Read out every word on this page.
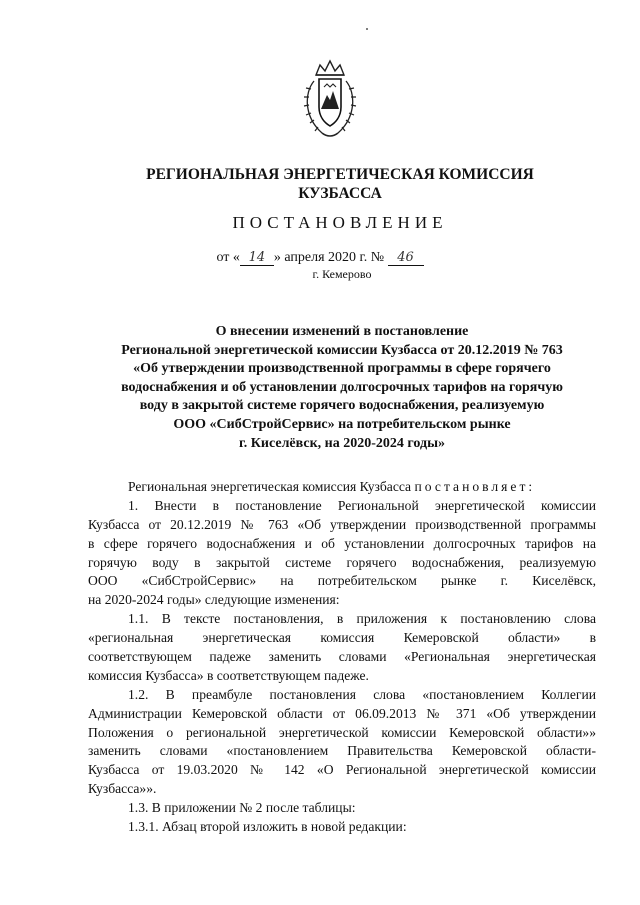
РЕГИОНАЛЬНАЯ ЭНЕРГЕТИЧЕСКАЯ КОМИССИЯ
КУЗБАССА
ПОСТАНОВЛЕНИЕ
от « 14 » апреля 2020 г. № 46
г. Кемерово
О внесении изменений в постановление
Региональной энергетической комиссии Кузбасса от 20.12.2019 № 763
«Об утверждении производственной программы в сфере горячего
водоснабжения и об установлении долгосрочных тарифов на горячую
воду в закрытой системе горячего водоснабжения, реализуемую
ООО «СибСтройСервис» на потребительском рынке
г. Киселёвск, на 2020-2024 годы»
Региональная энергетическая комиссия Кузбасса постановляет:
1. Внести в постановление Региональной энергетической комиссии
Кузбасса от 20.12.2019 № 763 «Об утверждении производственной программы
в сфере горячего водоснабжения и об установлении долгосрочных тарифов на
горячую воду в закрытой системе горячего водоснабжения, реализуемую
ООО «СибСтройСервис» на потребительском рынке г. Киселёвск,
на 2020-2024 годы» следующие изменения:
1.1. В тексте постановления, в приложения к постановлению слова
«региональная энергетическая комиссия Кемеровской области» в
соответствующем падеже заменить словами «Региональная энергетическая
комиссия Кузбасса» в соответствующем падеже.
1.2. В преамбуле постановления слова «постановлением Коллегии
Администрации Кемеровской области от 06.09.2013 № 371 «Об утверждении
Положения о региональной энергетической комиссии Кемеровской области»»
заменить словами «постановлением Правительства Кемеровской области-
Кузбасса от 19.03.2020 № 142 «О Региональной энергетической комиссии
Кузбасса»».
1.3. В приложении № 2 после таблицы:
1.3.1. Абзац второй изложить в новой редакции:
